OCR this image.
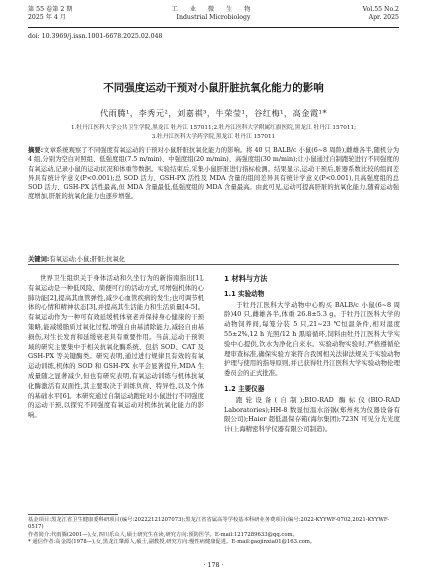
第 55 卷第 2 期
2025 年 4 月
工 业 微 生 物
Industrial Microbiology
Vol.55 No.2
Apr. 2025
doi: 10.3969/j.issn.1001-6678.2025.02.048
不同强度运动干预对小鼠肝脏抗氧化能力的影响
代雨腾¹，李秀元²，刘嘉祺³，牛荣莹¹，谷红梅¹，高金霞¹*
1.牡丹江医科大学公共卫生学院,黑龙江 牡丹江 157011;2.牡丹江医科大学附属红旗医院,黑龙江 牡丹江 157011;
3.牡丹江医科大学药学院,黑龙江 牡丹江 157011
摘要:文章系统观察了不同强度有氧运动的干预对小鼠肝脏抗氧化能力的影响。将 40 只 BALB/c 小鼠(6~8 周龄),雌雄各半,随机分为 4 组,分别为空白对照组、低强度组(7.5 m/min)、中强度组(20 m/min)、高强度组(30 m/min);让小鼠通过自制跑轮进行不同强度的有氧运动,记录小鼠的运动状况和体重等数据。实验结束后,采集小鼠肝脏进行指标检测。结果显示,运动干预后,脏器系数比较的组间差异具有统计学意义(P<0.001);总 SOD 活力、GSH-PX 活性及 MDA 含量的组间差异具有统计学意义(P<0.001),且高强度组的总 SOD 活力、GSH-PX 活性最高,但 MDA 含量最低,低强度组的 MDA 含量最高。由此可见,运动可提高肝脏的抗氧化能力,随着运动强度增加,肝脏的抗氧化能力也逐步增强。
关键词:有氧运动;小鼠;肝脏;抗氧化

世界卫生组织关于身体活动和久坐行为的新指南指出[1],有氧运动是一种低风险、简便可行的活动方式,可增强机体的心肺功能[2],提高其血管弹性,减少心血管疾病的发生;也可调节机体的心情和精神状态[3],并提高其生活能力和生活质量[4-5]。有氧运动作为一种可有效延缓机体衰老并保持身心健康的干预策略,能减缓脂质过氧化过程,增强自由基清除能力,减轻自由基损伤,对生长发育和延缓衰老具有重要作用。当前,运动干预领域的研究主要集中于相关抗氧化酶系统、包括 SOD、CAT 及 GSH-PX 等关键酶类。研究表明,通过进行规律且有效的有氧运动训练,机体的 SOD 和 GSH-PX 水平会显著提升,MDA 生成量随之显著减少,但也有研究表明,有氧运动训练与机体抗氧化酶激活有双面性,其主要取决于训练负荷、特异性,以及个体的基础水平[6]。本研究通过自制运动跑轮对小鼠进行不同强度的运动干预,以探究不同强度有氧运动对机体抗氧化能力的影响。

1 材料与方法
1.1 实验动物

于牡丹江医科大学动物中心购买 BALB/c 小鼠(6~8 周龄)40 只,雌雄各半,体重 26.8±5.3 g。于牡丹江医科大学的动物饲养间,每笼分装 5 只,21~23 ℃恒温条件,相对湿度 55±2%,12 h 光照/12 h 黑暗循环,饲料由牡丹江医科大学实验中心提供,饮水为净化自来水。实验动物实验时,严格遵循伦理审查标准,确保实验方案符合我国相关法律法规关于实验动物护理与使用的指导原则,并已获得牡丹江医科大学实验动物伦理委员会的正式批准。

1.2 主要仪器

跑轮设备(自制);BIO-RAD 酶标仪(BIO-RAD Laboratories);HH-8 数显恒温水浴锅(郑州兆为仪器设备有限公司);Haier 超低温保存箱(海尔集团);723N 可见分光光度计(上海精密科学仪器有限公司制造)。

基金项目:黑龙江省卫生健康委科研项目(编号:20222121207073);黑龙江省省属高等学校基本科研业务费项目(编号:2022-KYYWF-0702,2021-KYYWF-0517)
作者简介:代雨腾(2001—),女,四川乐山人,硕士研究生在读,研究方向:预防医学。E-mail:1217289633@qq.com。
* 通信作者:高金霞(1978—),女,黑龙江肇源人,硕士,副教授,研究方向:慢性病健康促进。E-mail:gaojinxia01@163.com。
· 178 ·
